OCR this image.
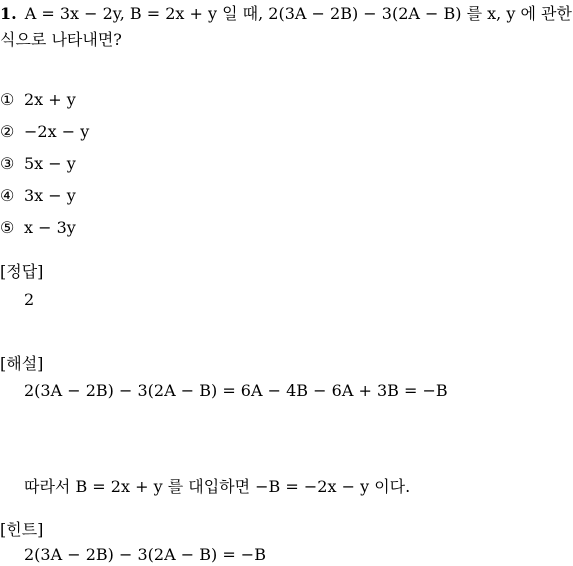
1. A = 3x − 2y, B = 2x + y 일 때, 2(3A − 2B) − 3(2A − B) 를 x, y 에 관한
식으로 나타내면?
① 2x + y
② −2x − y
③ 5x − y
④ 3x − y
⑤ x − 3y
[정답]
2
[해설]
2(3A − 2B) − 3(2A − B) = 6A − 4B − 6A + 3B = −B
따라서 B = 2x + y 를 대입하면 −B = −2x − y 이다.
[힌트]
2(3A − 2B) − 3(2A − B) = −B
